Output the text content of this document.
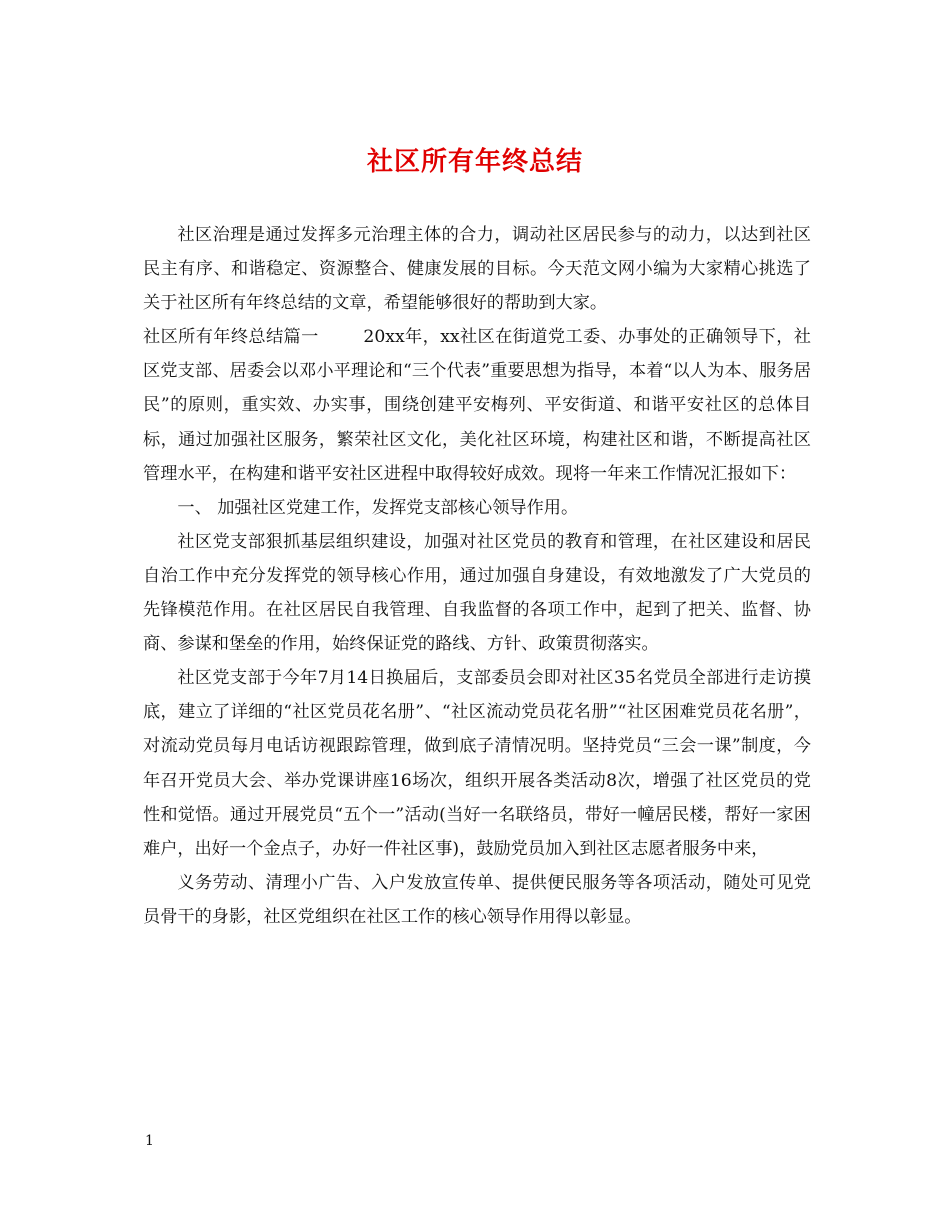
社区所有年终总结

社区治理是通过发挥多元治理主体的合力，调动社区居民参与的动力，以达到社区民主有序、和谐稳定、资源整合、健康发展的目标。今天范文网小编为大家精心挑选了关于社区所有年终总结的文章，希望能够很好的帮助到大家。

社区所有年终总结篇一	20xx年，xx社区在街道党工委、办事处的正确领导下，社区党支部、居委会以邓小平理论和“三个代表”重要思想为指导，本着“以人为本、服务居民”的原则，重实效、办实事，围绕创建平安梅列、平安街道、和谐平安社区的总体目标，通过加强社区服务，繁荣社区文化，美化社区环境，构建社区和谐，不断提高社区管理水平，在构建和谐平安社区进程中取得较好成效。现将一年来工作情况汇报如下：

一、 加强社区党建工作，发挥党支部核心领导作用。

社区党支部狠抓基层组织建设，加强对社区党员的教育和管理，在社区建设和居民自治工作中充分发挥党的领导核心作用，通过加强自身建设，有效地激发了广大党员的先锋模范作用。在社区居民自我管理、自我监督的各项工作中，起到了把关、监督、协商、参谋和堡垒的作用，始终保证党的路线、方针、政策贯彻落实。

社区党支部于今年7月14日换届后，支部委员会即对社区35名党员全部进行走访摸底，建立了详细的“社区党员花名册”、“社区流动党员花名册”“社区困难党员花名册”，对流动党员每月电话访视跟踪管理，做到底子清情况明。坚持党员“三会一课”制度，今年召开党员大会、举办党课讲座16场次，组织开展各类活动8次，增强了社区党员的党性和觉悟。通过开展党员“五个一”活动(当好一名联络员，带好一幢居民楼，帮好一家困难户，出好一个金点子，办好一件社区事)，鼓励党员加入到社区志愿者服务中来，

义务劳动、清理小广告、入户发放宣传单、提供便民服务等各项活动，随处可见党员骨干的身影，社区党组织在社区工作的核心领导作用得以彰显。

1
